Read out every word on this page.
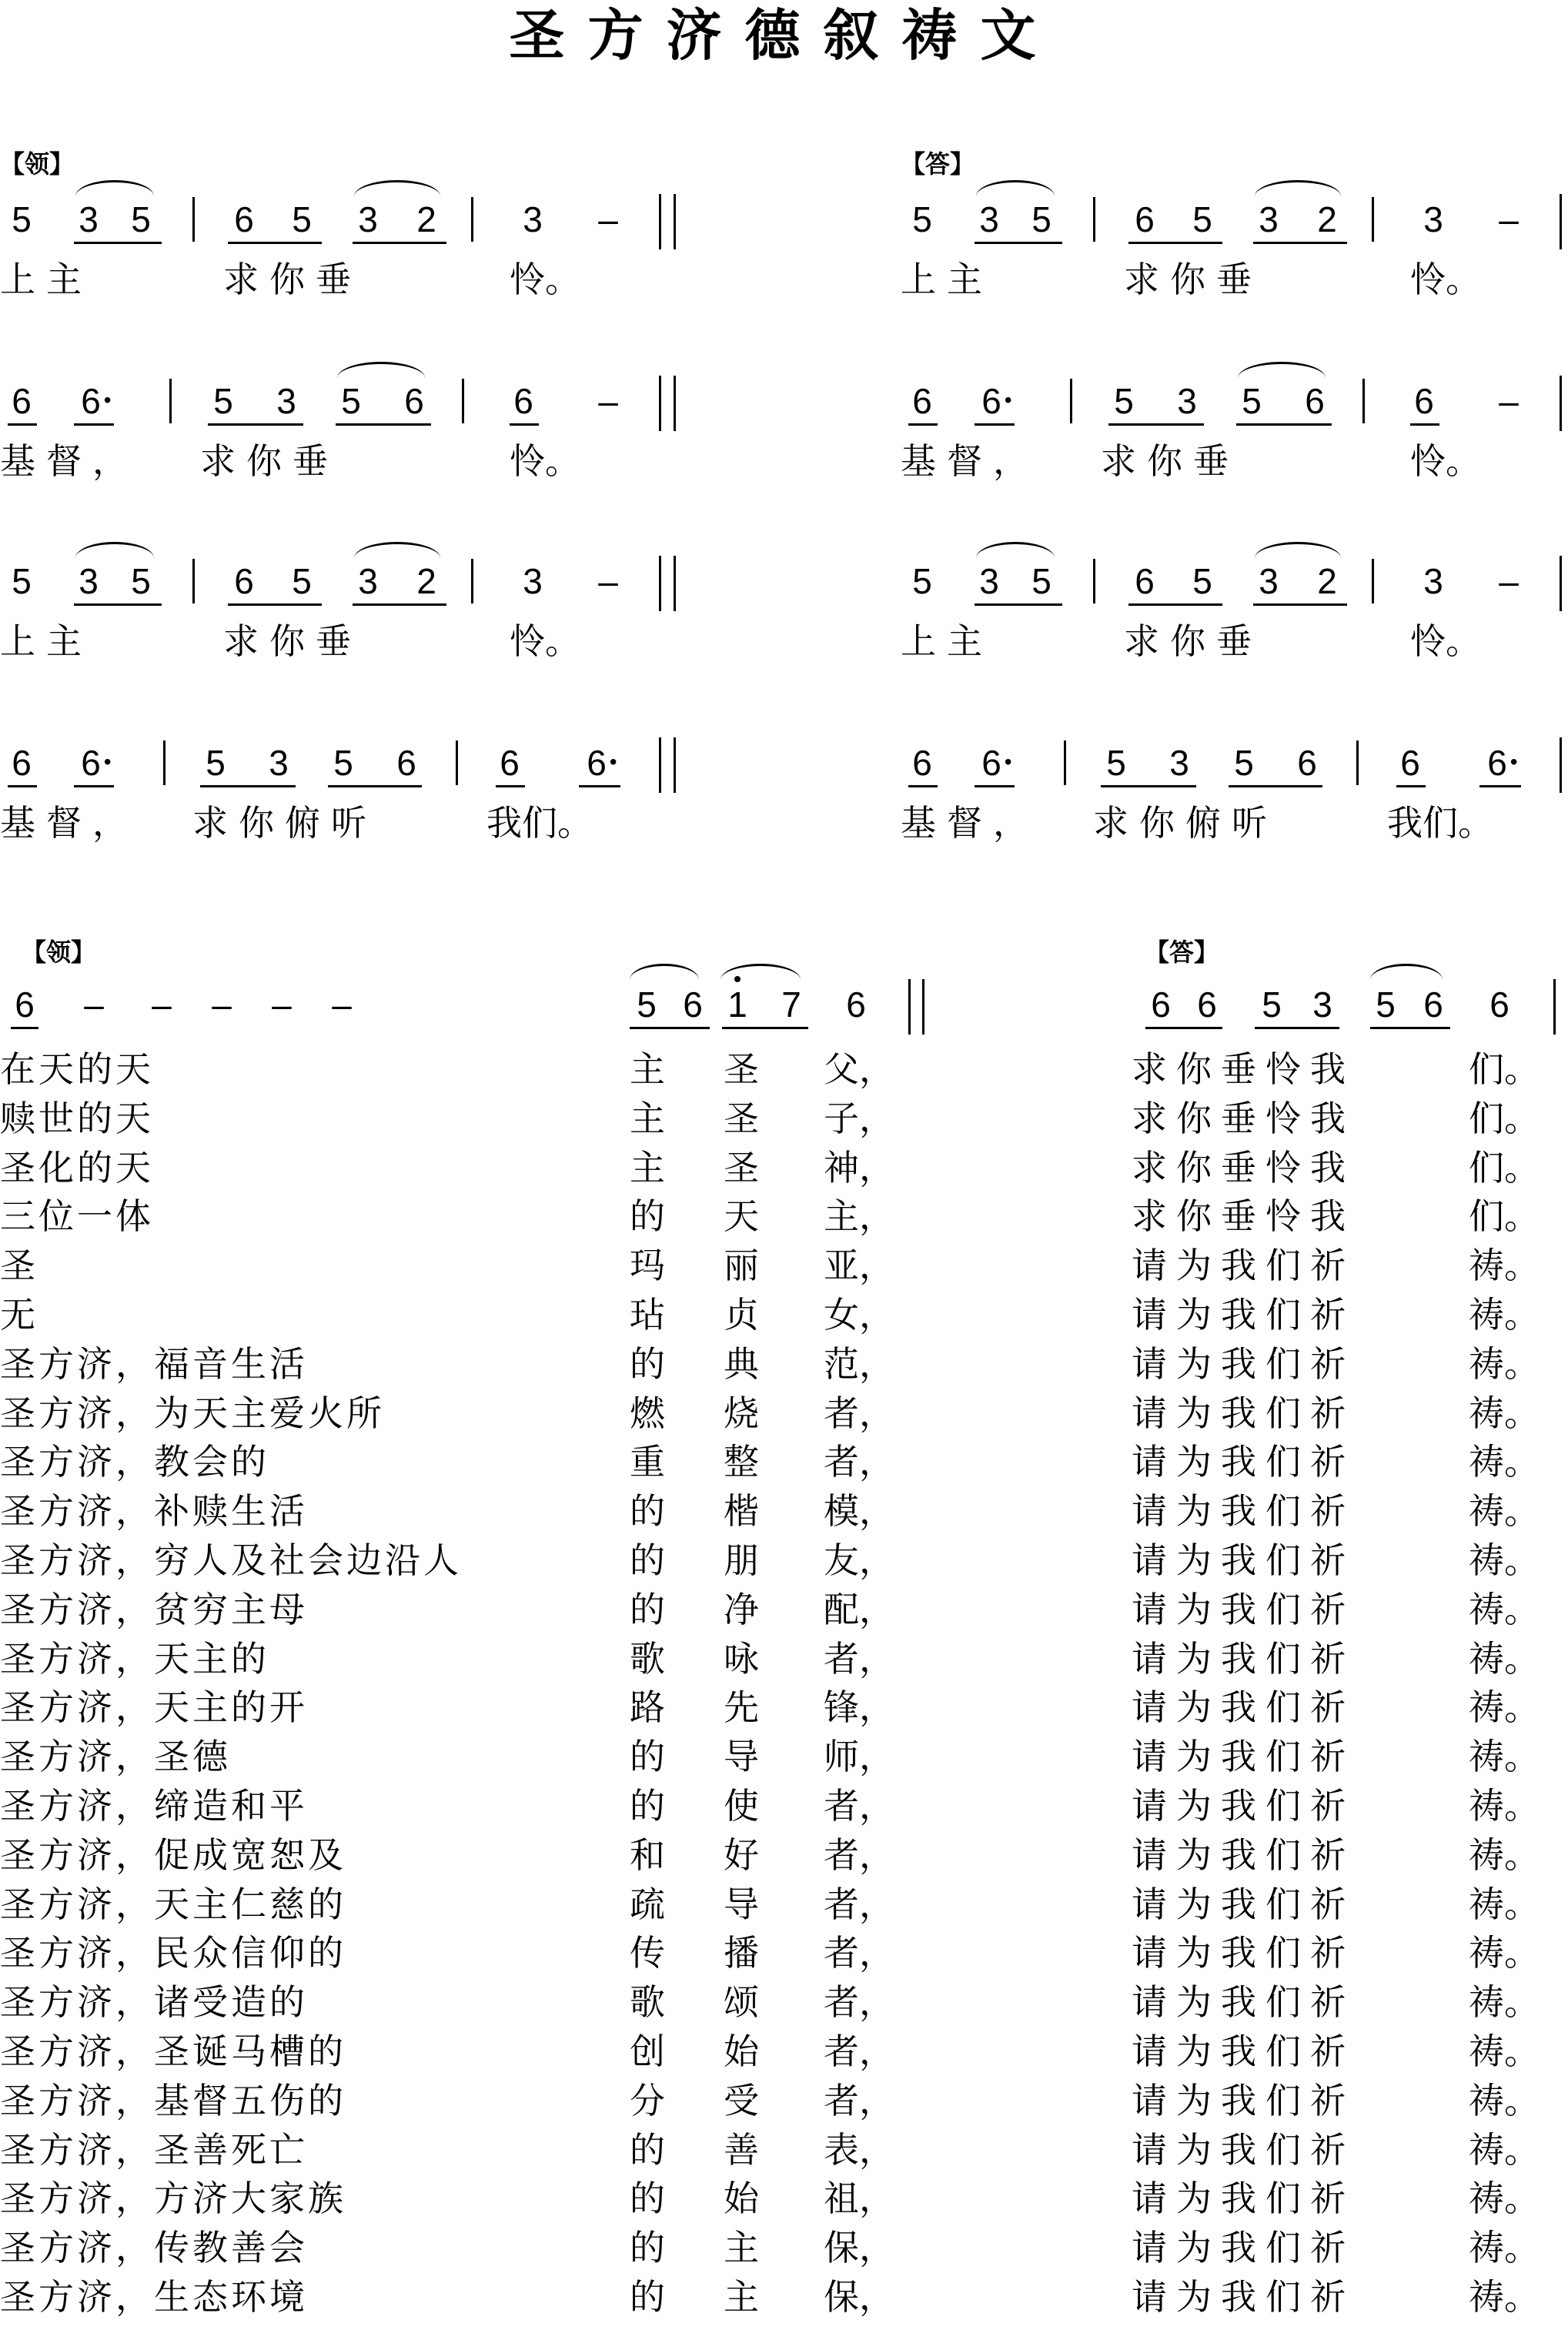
圣方济德叙祷文
【领】	【答】
5 3 5 6 5 3 2 3 –
上主	求你垂	怜。
5 3 5 6 5 3 2 3 –
上主	求你垂	怜。
6 6 •	5 3 5 6	6 –
基督， 求你垂	怜。
6 6 •	5 3 5 6	6 –
基督， 求你垂	怜。
5 3 5 6 5 3 2 3 –
上主	求你垂	怜。
5 3 5 6 5 3 2 3 –
上主	求你垂	怜。
6 6 •	5 3 5 6 6 6 •
基督， 求你俯听	我们。
6 6 •	5 3 5 6 6 6 •
基督， 求你俯听	我们。
【领】	【答】
6 – – – – –	5 6 1 7 6	6 6 5 3 5 6 6
在天的天	主 圣 父，	求你垂怜我	们。
赎世的天	主 圣 子，	求你垂怜我	们。
圣化的天	主 圣 神，	求你垂怜我	们。
三位一体	的 天 主，	求你垂怜我	们。
圣	玛 丽 亚，	请为我们祈	祷。
无	玷 贞 女，	请为我们祈	祷。
圣方济，福音生活	的 典 范，	请为我们祈	祷。
圣方济，为天主爱火所	燃 烧 者，	请为我们祈	祷。
圣方济，教会的	重 整 者，	请为我们祈	祷。
圣方济，补赎生活	的 楷 模，	请为我们祈	祷。
圣方济，穷人及社会边沿人	的 朋 友，	请为我们祈	祷。
圣方济，贫穷主母	的 净 配，	请为我们祈	祷。
圣方济，天主的	歌 咏 者，	请为我们祈	祷。
圣方济，天主的开	路 先 锋，	请为我们祈	祷。
圣方济，圣德	的 导 师，	请为我们祈	祷。
圣方济，缔造和平	的 使 者，	请为我们祈	祷。
圣方济，促成宽恕及	和 好 者，	请为我们祈	祷。
圣方济，天主仁慈的	疏 导 者，	请为我们祈	祷。
圣方济，民众信仰的	传 播 者，	请为我们祈	祷。
圣方济，诸受造的	歌 颂 者，	请为我们祈	祷。
圣方济，圣诞马槽的	创 始 者，	请为我们祈	祷。
圣方济，基督五伤的	分 受 者，	请为我们祈	祷。
圣方济，圣善死亡	的 善 表，	请为我们祈	祷。
圣方济，方济大家族	的 始 祖，	请为我们祈	祷。
圣方济，传教善会	的 主 保，	请为我们祈	祷。
圣方济，生态环境	的 主 保，	请为我们祈	祷。
